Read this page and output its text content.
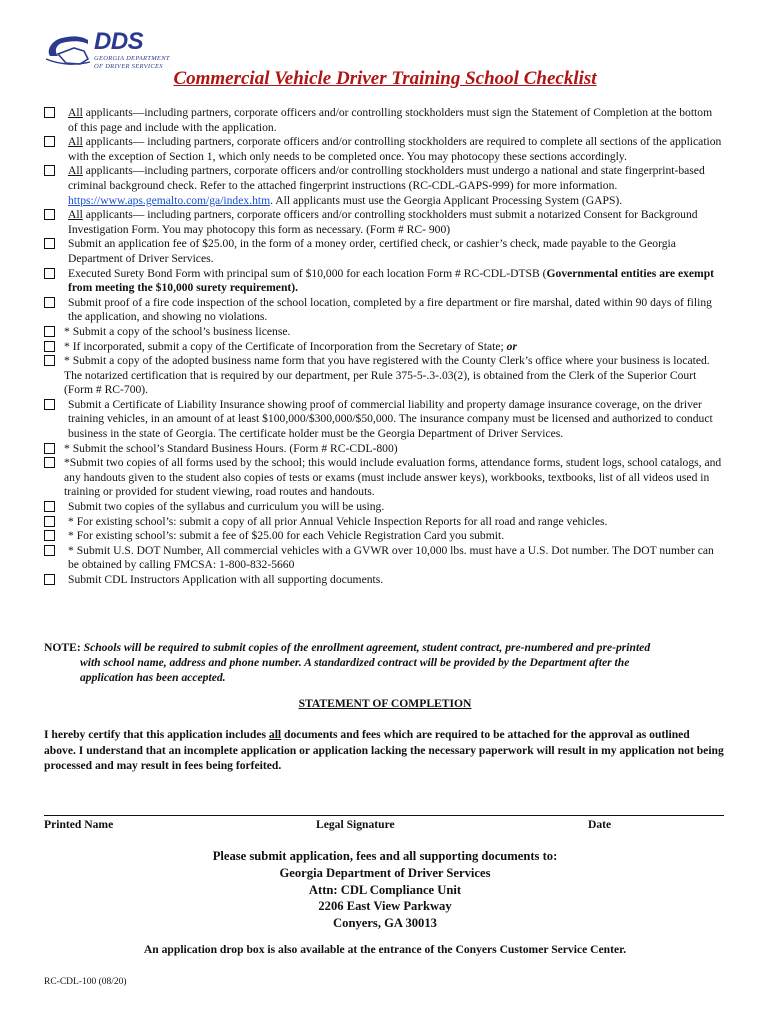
DDS
GEORGIA DEPARTMENT
OF DRIVER SERVICES
Commercial Vehicle Driver Training School Checklist
All applicants—including partners, corporate officers and/or controlling stockholders must sign the Statement of Completion at the bottom of this page and include with the application.
All applicants— including partners, corporate officers and/or controlling stockholders are required to complete all sections of the application with the exception of Section 1, which only needs to be completed once. You may photocopy these sections accordingly.
All applicants—including partners, corporate officers and/or controlling stockholders must undergo a national and state fingerprint-based criminal background check. Refer to the attached fingerprint instructions (RC-CDL-GAPS-999) for more information. https://www.aps.gemalto.com/ga/index.htm. All applicants must use the Georgia Applicant Processing System (GAPS).
All applicants— including partners, corporate officers and/or controlling stockholders must submit a notarized Consent for Background Investigation Form. You may photocopy this form as necessary. (Form # RC- 900)
Submit an application fee of $25.00, in the form of a money order, certified check, or cashier’s check, made payable to the Georgia Department of Driver Services.
Executed Surety Bond Form with principal sum of $10,000 for each location Form # RC-CDL-DTSB (Governmental entities are exempt from meeting the $10,000 surety requirement).
Submit proof of a fire code inspection of the school location, completed by a fire department or fire marshal, dated within 90 days of filing the application, and showing no violations.
* Submit a copy of the school’s business license.
* If incorporated, submit a copy of the Certificate of Incorporation from the Secretary of State; or
* Submit a copy of the adopted business name form that you have registered with the County Clerk’s office where your business is located. The notarized certification that is required by our department, per Rule 375-5-.3-.03(2), is obtained from the Clerk of the Superior Court (Form # RC-700).
Submit a Certificate of Liability Insurance showing proof of commercial liability and property damage insurance coverage, on the driver training vehicles, in an amount of at least $100,000/$300,000/$50,000. The insurance company must be licensed and authorized to conduct business in the state of Georgia. The certificate holder must be the Georgia Department of Driver Services.
* Submit the school’s Standard Business Hours. (Form # RC-CDL-800)
*Submit two copies of all forms used by the school; this would include evaluation forms, attendance forms, student logs, school catalogs, and any handouts given to the student also copies of tests or exams (must include answer keys), workbooks, textbooks, list of all videos used in training or provided for student viewing, road routes and handouts.
Submit two copies of the syllabus and curriculum you will be using.
* For existing school’s: submit a copy of all prior Annual Vehicle Inspection Reports for all road and range vehicles.
* For existing school’s: submit a fee of $25.00 for each Vehicle Registration Card you submit.
* Submit U.S. DOT Number, All commercial vehicles with a GVWR over 10,000 lbs. must have a U.S. Dot number. The DOT number can be obtained by calling FMCSA: 1-800-832-5660
Submit CDL Instructors Application with all supporting documents.
NOTE: Schools will be required to submit copies of the enrollment agreement, student contract, pre-numbered and pre-printed
with school name, address and phone number. A standardized contract will be provided by the Department after the
application has been accepted.
STATEMENT OF COMPLETION
I hereby certify that this application includes all documents and fees which are required to be attached for the approval as outlined above. I understand that an incomplete application or application lacking the necessary paperwork will result in my application not being processed and may result in fees being forfeited.
Printed Name	Legal Signature	Date
Please submit application, fees and all supporting documents to:
Georgia Department of Driver Services
Attn: CDL Compliance Unit
2206 East View Parkway
Conyers, GA 30013
An application drop box is also available at the entrance of the Conyers Customer Service Center.
RC-CDL-100 (08/20)
